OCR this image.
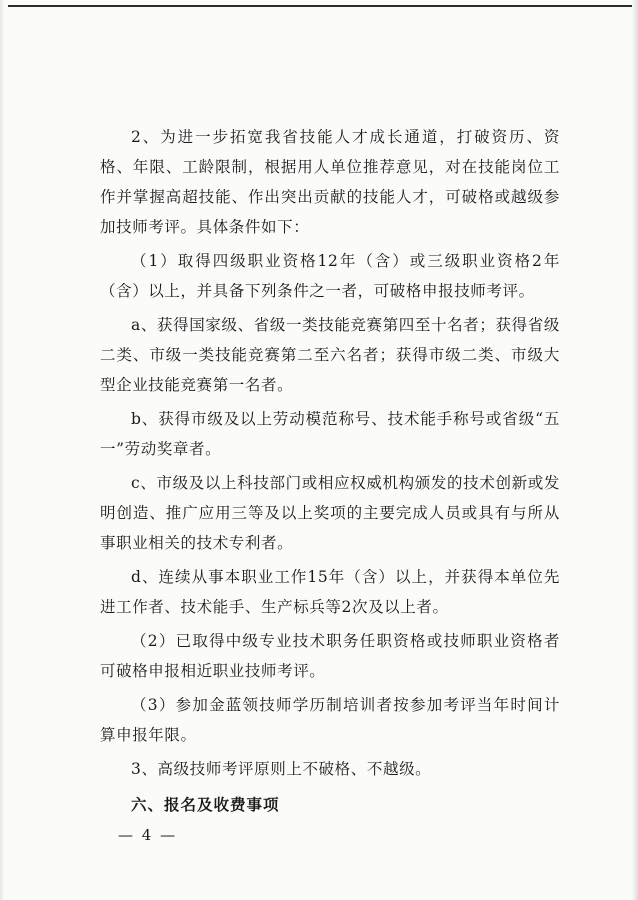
2、为进一步拓宽我省技能人才成长通道，打破资历、资格、年限、工龄限制，根据用人单位推荐意见，对在技能岗位工作并掌握高超技能、作出突出贡献的技能人才，可破格或越级参加技师考评。具体条件如下：

（1）取得四级职业资格12年（含）或三级职业资格2年（含）以上，并具备下列条件之一者，可破格申报技师考评。

a、获得国家级、省级一类技能竞赛第四至十名者；获得省级二类、市级一类技能竞赛第二至六名者；获得市级二类、市级大型企业技能竞赛第一名者。

b、获得市级及以上劳动模范称号、技术能手称号或省级“五一”劳动奖章者。

c、市级及以上科技部门或相应权威机构颁发的技术创新或发明创造、推广应用三等及以上奖项的主要完成人员或具有与所从事职业相关的技术专利者。

d、连续从事本职业工作15年（含）以上，并获得本单位先进工作者、技术能手、生产标兵等2次及以上者。

（2）已取得中级专业技术职务任职资格或技师职业资格者可破格申报相近职业技师考评。

（3）参加金蓝领技师学历制培训者按参加考评当年时间计算申报年限。

3、高级技师考评原则上不破格、不越级。

六、报名及收费事项

— 4 —
